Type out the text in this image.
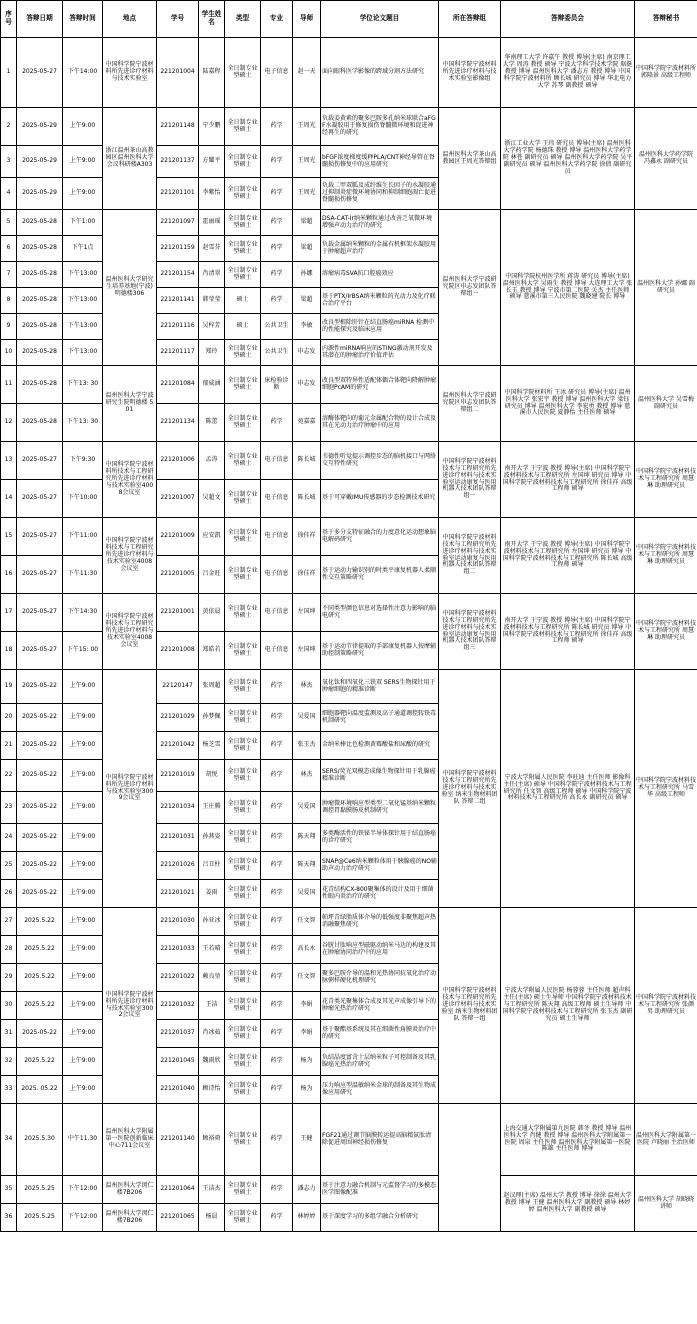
序号	答辩日期	答辩时间	地点	学号	学生姓名	类型	专业	导师	学位论文题目	所在答辩组	答辩委员会	答辩秘书
1	2025-05-27	下午14:00	中国科学院宁波材料所先进诊疗材料与技术实验室	221201004	陆嘉程	全日制专业型硕士	电子信息	赵一天	面向眼科医学影像的跨域分割方法研究	中国科学院宁波材料所先进诊疗材料与技术实验室影像组	华南理工大学 许嘉午 教授 博导(主席) 南京理工大学 周涛 教授 硕导 宁波大学科学技术学院 琚挺 教授 博导 温州医科大学 潘志方 教授 博导 中国科学院宁波材料所 顾长城 研究员 博导 华北电力大学 苏琴 副教授 硕导	中国科学院宁波材料所 郭隆景 高级工程师
2	2025-05-29	上午9:00	浙江温州茶山高教园区温州医科大学会议科研楼A303	221201148	宁少鹏	全日制专业型硕士	药学	王周光	负载姜黄素的聚多巴胺多孔纳米球联合aFGF水凝胶用于修复损伤脊髓微环境和促进神经再生的研究	温州医科大学茶山高教园区王周光答辩组	浙江工业大学 王玮 研究员 博导(主席) 温州医科大学药学院 杨德珠 教授 博导 温州医科大学药学院 林苍 副研究员 硕导 温州医科大学药学院 吴平 副研究员 硕导 温州医科大学药学院 徐倩 副研究员	温州医科大学药学院 冯鑫永 副研究员
3	2025-05-29	上午9:00		221201137	方耀平	全日制专业型硕士	药学	王周光	bFGF浓度梯度缓释PLA/CNT神经导管在脊髓损伤修复中的应用研究			
4	2025-05-29	上午9:00		221201101	李紫怡	全日制专业型硕士	药学	王周光	负载二甲双胍及成纤维生长因子的水凝胶通过抑制炎症微环境协同和抑制细胞凋亡促进脊髓损伤修复			
5	2025-05-28	下午1:00	温州医科大学研究生培养基地(宁波)明德楼306	221201097	霍丽瑶	全日制专业型硕士	药学	梁超	DSA-CAT-Ir纳米颗粒通过改善乏氧微环境增强声动力治疗的研究	温州医科大学宁波研究院区申志发团队答辩组一	中国科学院杭州医学所 蒋涛 研究员 博导(主席) 温州医科大学 吴雨生 教授 博导 大连理工大学 张长玉 教授 博导 宁波市第二医院 关杰 主任医师 硕导 慈溪市第三人民医院 魏晓建 院长 博导	温州医科大学 孙娜 副研究员
6	2025-05-28	下午1点		221201159	赵雪芬	全日制专业型硕士	药学	梁超	负载金属纳米颗粒的金属有机框架水凝胶用于肿瘤超声治疗			
7	2025-05-28	下午13:00		221201154	肖清翠	全日制专业型硕士	药学	孙娜	溶瘤病毒SVA抗口腔癌效应			
8	2025-05-28	下午13:00		221201141	韩莹莹	硕士	药学	梁超	基于PTX/IrBSA纳米颗粒的光动力及化疗联合治疗平台			
9	2025-05-28	下午13:00		221201116	吴梓芳	硕士	公共卫生	李敏	改良型根除肝针在结直肠癌miRNA 检测中的性能探究及临床应用			
10	2025-05-28	下午13:00		221201117	郑玲	全日制专业型硕士	公共卫生	申志发	内源性miRNA响应的STING激动剂开发及其潜在的肿瘤治疗价值评估			
11	2025-05-28	下午13: 30	温州医科大学宁波研究生院明德楼 501	221201084	郁威涵	全日制专业型硕士	床检验诊断	申志发	改良型双特异性适配体偶合体靶向降解肿瘤细胞PcAM的研究	温州医科大学宁波研究院区申志发团队答辩组二	中国科学院材料所 王冰 研究员 博导(主席) 温州医科大学 张宏宇 教授 博导 温州医科大学 梁钰 研究员 博导 温州医科大学 李宏勇 教授 博导 慈溪市人民医院 夏静怡 主任医师 硕导	温州医科大学 吴雪梅副研究员
12	2025-05-28	下午13: 30		221201134	陈蕾	全日制专业型硕士	药学	苑嘉嘉	溶酶体靶向的葡元金属配合物的设计合成及其在光动力治疗肿瘤中的应用			
13	2025-05-27	下午9:30	中国科学院宁波材料所技术与工程研究所先进诊疗材料与技术实验室4008会议室	221201006	孟涛	全日制专业型硕士	电子信息	陈长城	韦德性听觉提示调控步态的脑机接口与网络交互特性研究	中国科学院宁波材料技术与工程研究所先进诊疗材料与技术实验室运动康复与医用机器人技术团队答辩组一	南开大学 于宁波 教授 博导(主席) 中国科学院宁波材料技术与工程研究所 左国坤 研究员 博导 中国科学院宁波材料技术与工程研究所 徐佳祥 高级工程师 硕导	中国科学院宁波材料技术与工程研究所 周慧琳 助理研究员
14	2025-05-27	下午10:00		221201007	吴超文	全日制专业型硕士	电子信息	陈长城	基于可穿戴IMU传感器的步态检测技术研究			
15	2025-05-27	下午11:00	中国科学院宁波材料技术与工程研究所先进诊疗材料与技术实验室4008会议室	221201009	应安凯	全日制专业型硕士	电子信息	徐佳祥	基于多分支特征融合的力度意化运动想象脑电解码研究	中国科学院宁波材料技术与工程研究所先进诊疗材料与技术实验室运动康复与医用机器人技术团队答辩组二	南开大学 于宁波 教授 博导(主席) 中国科学院宁波材料技术与工程研究所 左国坤 研究员 博导 中国科学院宁波材料技术与工程研究所 陈长城 高级工程师 硕导	中国科学院宁波材料技术与工程研究所 周慧琳 助理研究员
16	2025-05-27	下午11:30		221201005	吕金旺	全日制专业型硕士	电子信息	徐佳祥	基于运动力输识别的时类平康复机器人柔顺性交互策略研究			
17	2025-05-27	下午14:30	中国科学院宁波材料技术与工程研究所先进诊疗材料与技术实验室4008会议室	221201001	黄依晨	全日制专业型硕士	电子信息	左国坤	不同类型颜色信息对选择性注意力影响的脑电研究	中国科学院宁波材料技术与工程研究所先进诊疗材料与技术实验室运动康复与医用机器人技术团队答辩组三	南开大学 于宁波 教授 博导(主席) 中国科学院宁波材料技术与工程研究所 陈长城 研究员 博导 中国科学院宁波材料技术与工程研究所 徐佳祥 高级工程师 硕导	中国科学院宁波材料技术与工程研究所 周慧琳 助理研究员
18	2025-05-27	下午15: 00		221201008	郑皓若	全日制专业型硕士	电子信息	左国坤	基于运动节律提取的手部康复机器人按摩辅助控制策略研究			
19	2025-05-22	上午9:00	中国科学院宁波材料所先进诊疗材料与技术实验室3009会议室	22120147	张周超	全日制专业型硕士	药学	林杰	氧化钛和四氧化三铁双 SERS生物探针用于肿瘤细胞的精准诊断	中国科学院宁波材料技术与工程研究所先进诊疗材料与技术实验室 纳米生物材料团队 答辩二组	宁波大学附属人民医院 李旺迪 主任医师 影像科主任(主席) 硕导 中国科学院宁波材料技术与工程研究所 任文智 高级工程师 硕导 中国科学院宁波材料技术与工程研究所 高长永 副研究员 硕导	中国科学院宁波材料技术与工程研究所 马雪华 高级工程师
20	2025-05-22	上午9:00		221201029	孙梦佩	全日制专业型硕士	药学	吴爱国	细胞器靶向温度监测及高子通道调控转铁毒机制研究			
21	2025-05-22	上午9:00		221201042	杨芝雪	全日制专业型硕士	药学	张玉杰	金纳米棒比色检测黄霉酸盐和尿酸的研究			
22	2025-05-22	上午9:00		221201019	胡悦	全日制专业型硕士	药学	林杰	SERS/荧光双模态成像生物探针用于乳腺癌精准诊断			
23	2025-05-22	上午9:00		221201034	王庄腾	全日制专业型硕士	药学	吴爱国	肿瘤微环境响应型类型二氧化锰基纳米颗粒调控胃黏膜肠皮机制研究			
24	2025-05-22	上午9:00		221201031	孙燕姿	全日制专业型硕士	药学	陈天翔	多类酶活性的铁铋半导体探针用于结直肠癌的诊疗研究			
25	2025-05-22	上午9:00		221201026	吕丑柱	全日制专业型硕士	药学	陈天翔	SNAP@Ce6纳米颗粒体用于胰腺癌的NO辅助声动力治疗研究			
26	2025-05-22	上午9:00		221201021	姜雨	全日制专业型硕士	药学	吴爱国	花青结构CX-800聚集体的设计及用于细菌性眼内炎治疗的研究			
27	2025.5.22	上午9:00	中国科学院宁波材料所先进诊疗材料与技术实验室3002会议室	221201030	孙亚冰	全日制专业型硕士	药学	任文智	帕坪青绿脂质体介导的低强度非聚焦超声热消融聚焦研究	中国科学院宁波材料技术与工程研究所先进诊疗材料与技术实验室 纳米生物材料团队 答辩一组	宁波大学附属人民医院 杨蓉蓉 主任医师 超声科主任(主席) 硕士生导师 中国科学院宁波材料技术与工程研究所 陈天翔 高级工程师 硕士生导师 中国科学院宁波材料技术与工程研究所 张玉杰 副研究员 硕士生导师	中国科学院宁波材料技术与工程研究所 张颜男 助理研究员
28	2025.5.22	上午9:00		221201033	王若晴	全日制专业型硕士	药学	高长永	谷胱甘肽响应型磁驱动纳米马达的构建及其在肿瘤协同治疗中的应用			
29	2025.5.22	上午9:00		221201022	赖良堃	全日制专业型硕士	药学	任文智	聚多巴胺介导的温和光热协同抗氧化治疗动脉粥样硬化机理研究			
30	2025.5.22	上午9:00		221201032	王洁	全日制专业型硕士	药学	李娟	花青类光聚集体合成及其光声成像引导下的肿瘤光热治疗研究			
31	2025-05-22	上午9:00		221201037	肖冰茹	全日制专业型硕士	药学	李娟	基于聚酯基系统及其在细菌性角膜炎治疗中的研究			
32	2025.5.22	上午9:00		221201045	魏雨欣	全日制专业型硕士	药学	杨为	负结晶度富含十层纳米粒子可控制备及其乳腺癌光热治疗研究			
33	2025. 05.22	上午9:00		221201040	顾诗怡	全日制专业型硕士	药学	杨为	压力响应型温敏纳米金球的制备及其生物成像应用研究			
34	2025.5.30	中午11.30	温州医科大学附属第一医院创新临床中心711会议室	221201140	顾裕舜	全日制专业型硕士	药学	王健	FGF21通过调节脑膜转运提高脑精氨肽清除促进周围神经损伤修复		上海交通大学附属第九医院 韩冬 教授 博导 温州医科大学 肖健 教授 博导 温州医科大学附属第一医院 周泉 主任医师 温州医科大学附属第一医院 陈雄 主任医师 博导	温州医科大学附属第一医院 卢晓丽 主治医师
35	2025.5.25	下午12:00	温州医科大学闵仁楼7B206	221201064	王洁杰	全日制专业型硕士	药学	潘志力	基于注意力融合机制与元监督学习的多模态医学图像配准		赵汉理(主席) 温州大学 教授 博导 徐徐 温州大学 教授 博导 王健 温州医科大学 副教授 硕导 林婷婷 温州医科大学 副教授 硕导	温州医科大学 胡晓晓 讲师
36	2025.5.25	下午12:00	温州医科大学闵仁楼7B206	221201065	杨晨	全日制专业型硕士	药学	林婷婷	基于深度学习的多组学融合分析研究			
